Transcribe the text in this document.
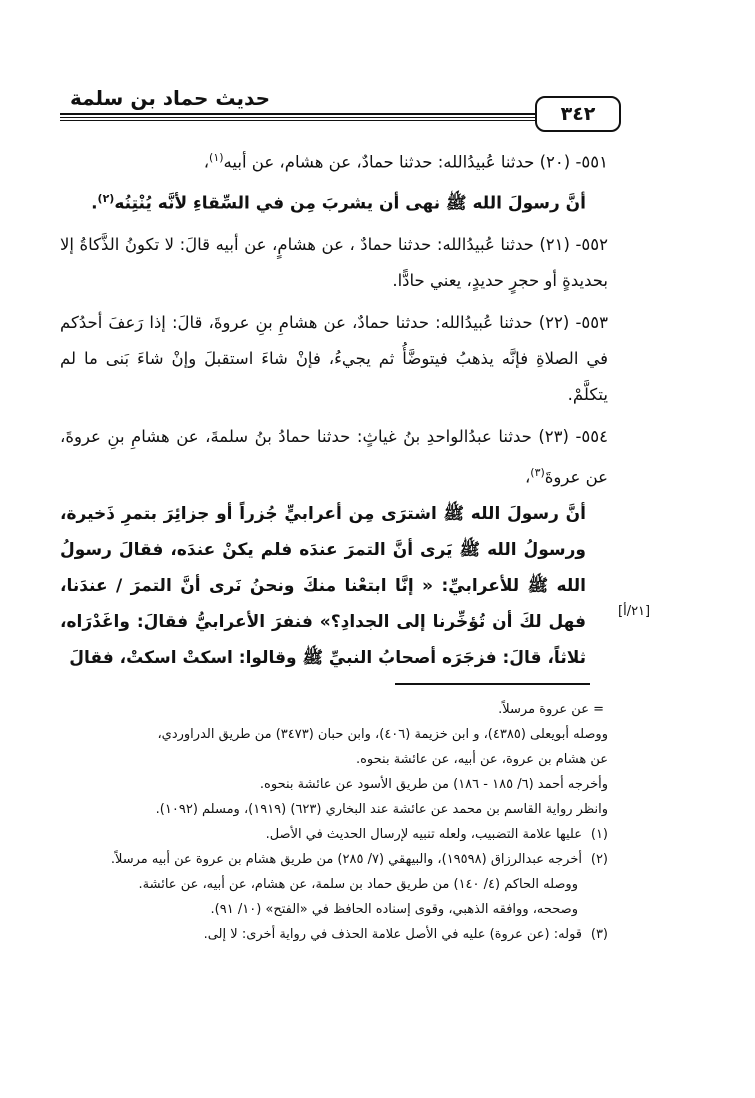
حديث حماد بن سلمة
٣٤٢

٥٥١- (٢٠) حدثنا عُبيدُالله: حدثنا حمادٌ، عن هشام، عن أبيه$^{(١)}$،

أنَّ رسولَ الله ﷺ نهى أن يشربَ مِن في السِّقاءِ لأنَّه يُنْتِنُه$^{(٢)}$.

٥٥٢- (٢١) حدثنا عُبيدُالله: حدثنا حمادٌ ، عن هشامٍ، عن أبيه قالَ: لا تكونُ الذَّكاةُ إلا بحديدةٍ أو حجرٍ حديدٍ، يعني حادًّا.

٥٥٣- (٢٢) حدثنا عُبيدُالله: حدثنا حمادٌ، عن هشامِ بنِ عروةَ، قالَ: إذا رَعفَ أحدُكم في الصلاةِ فإنَّه يذهبُ فيتوضَّأُ ثم يجيءُ، فإنْ شاءَ استقبلَ وإنْ شاءَ بَنى ما لم يتكلَّمْ.

٥٥٤- (٢٣) حدثنا عبدُالواحدِ بنُ غياثٍ: حدثنا حمادُ بنُ سلمةَ، عن هشامِ بنِ عروةَ، عن عروةَ$^{(٣)}$،

أنَّ رسولَ الله ﷺ اشترَى مِن أعرابيٍّ جُزراً أو جزائِرَ بتمرِ ذَخيرة، ورسولُ الله ﷺ يَرى أنَّ التمرَ عندَه فلم يكنْ عندَه، فقالَ رسولُ الله ﷺ للأعرابيِّ: « إنَّا ابتعْنا منكَ ونحنُ نَرى أنَّ التمرَ / عندَنا، فهل لكَ أن تُؤخِّرنا إلى الجدادِ؟» فنفرَ الأعرابيُّ فقالَ: واغَدْرَاه، ثلاثاً، قالَ: فزجَرَه أصحابُ النبيِّ ﷺ وقالوا: اسكتْ اسكتْ، فقالَ

[٢١/أ]

= عن عروة مرسلاً.

ووصله أبويعلى (٤٣٨٥)، و ابن خزيمة (٤٠٦)، وابن حبان (٣٤٧٣) من طريق الدراوردي،

عن هشام بن عروة، عن أبيه، عن عائشة بنحوه.

وأخرجه أحمد (٦/ ١٨٥ - ١٨٦) من طريق الأسود عن عائشة بنحوه.

وانظر رواية القاسم بن محمد عن عائشة عند البخاري (٦٢٣) (١٩١٩)، ومسلم (١٠٩٢).

(١)عليها علامة التضبيب، ولعله تنبيه لإرسال الحديث في الأصل.

(٢)أخرجه عبدالرزاق (١٩٥٩٨)، والبيهقي (٧/ ٢٨٥) من طريق هشام بن عروة عن أبيه مرسلاً.

ووصله الحاكم (٤/ ١٤٠) من طريق حماد بن سلمة، عن هشام، عن أبيه، عن عائشة.

وصححه، ووافقه الذهبي، وقوى إسناده الحافظ في «الفتح» (١٠/ ٩١).

(٣)قوله: (عن عروة) عليه في الأصل علامة الحذف في رواية أخرى: لا إلى.
